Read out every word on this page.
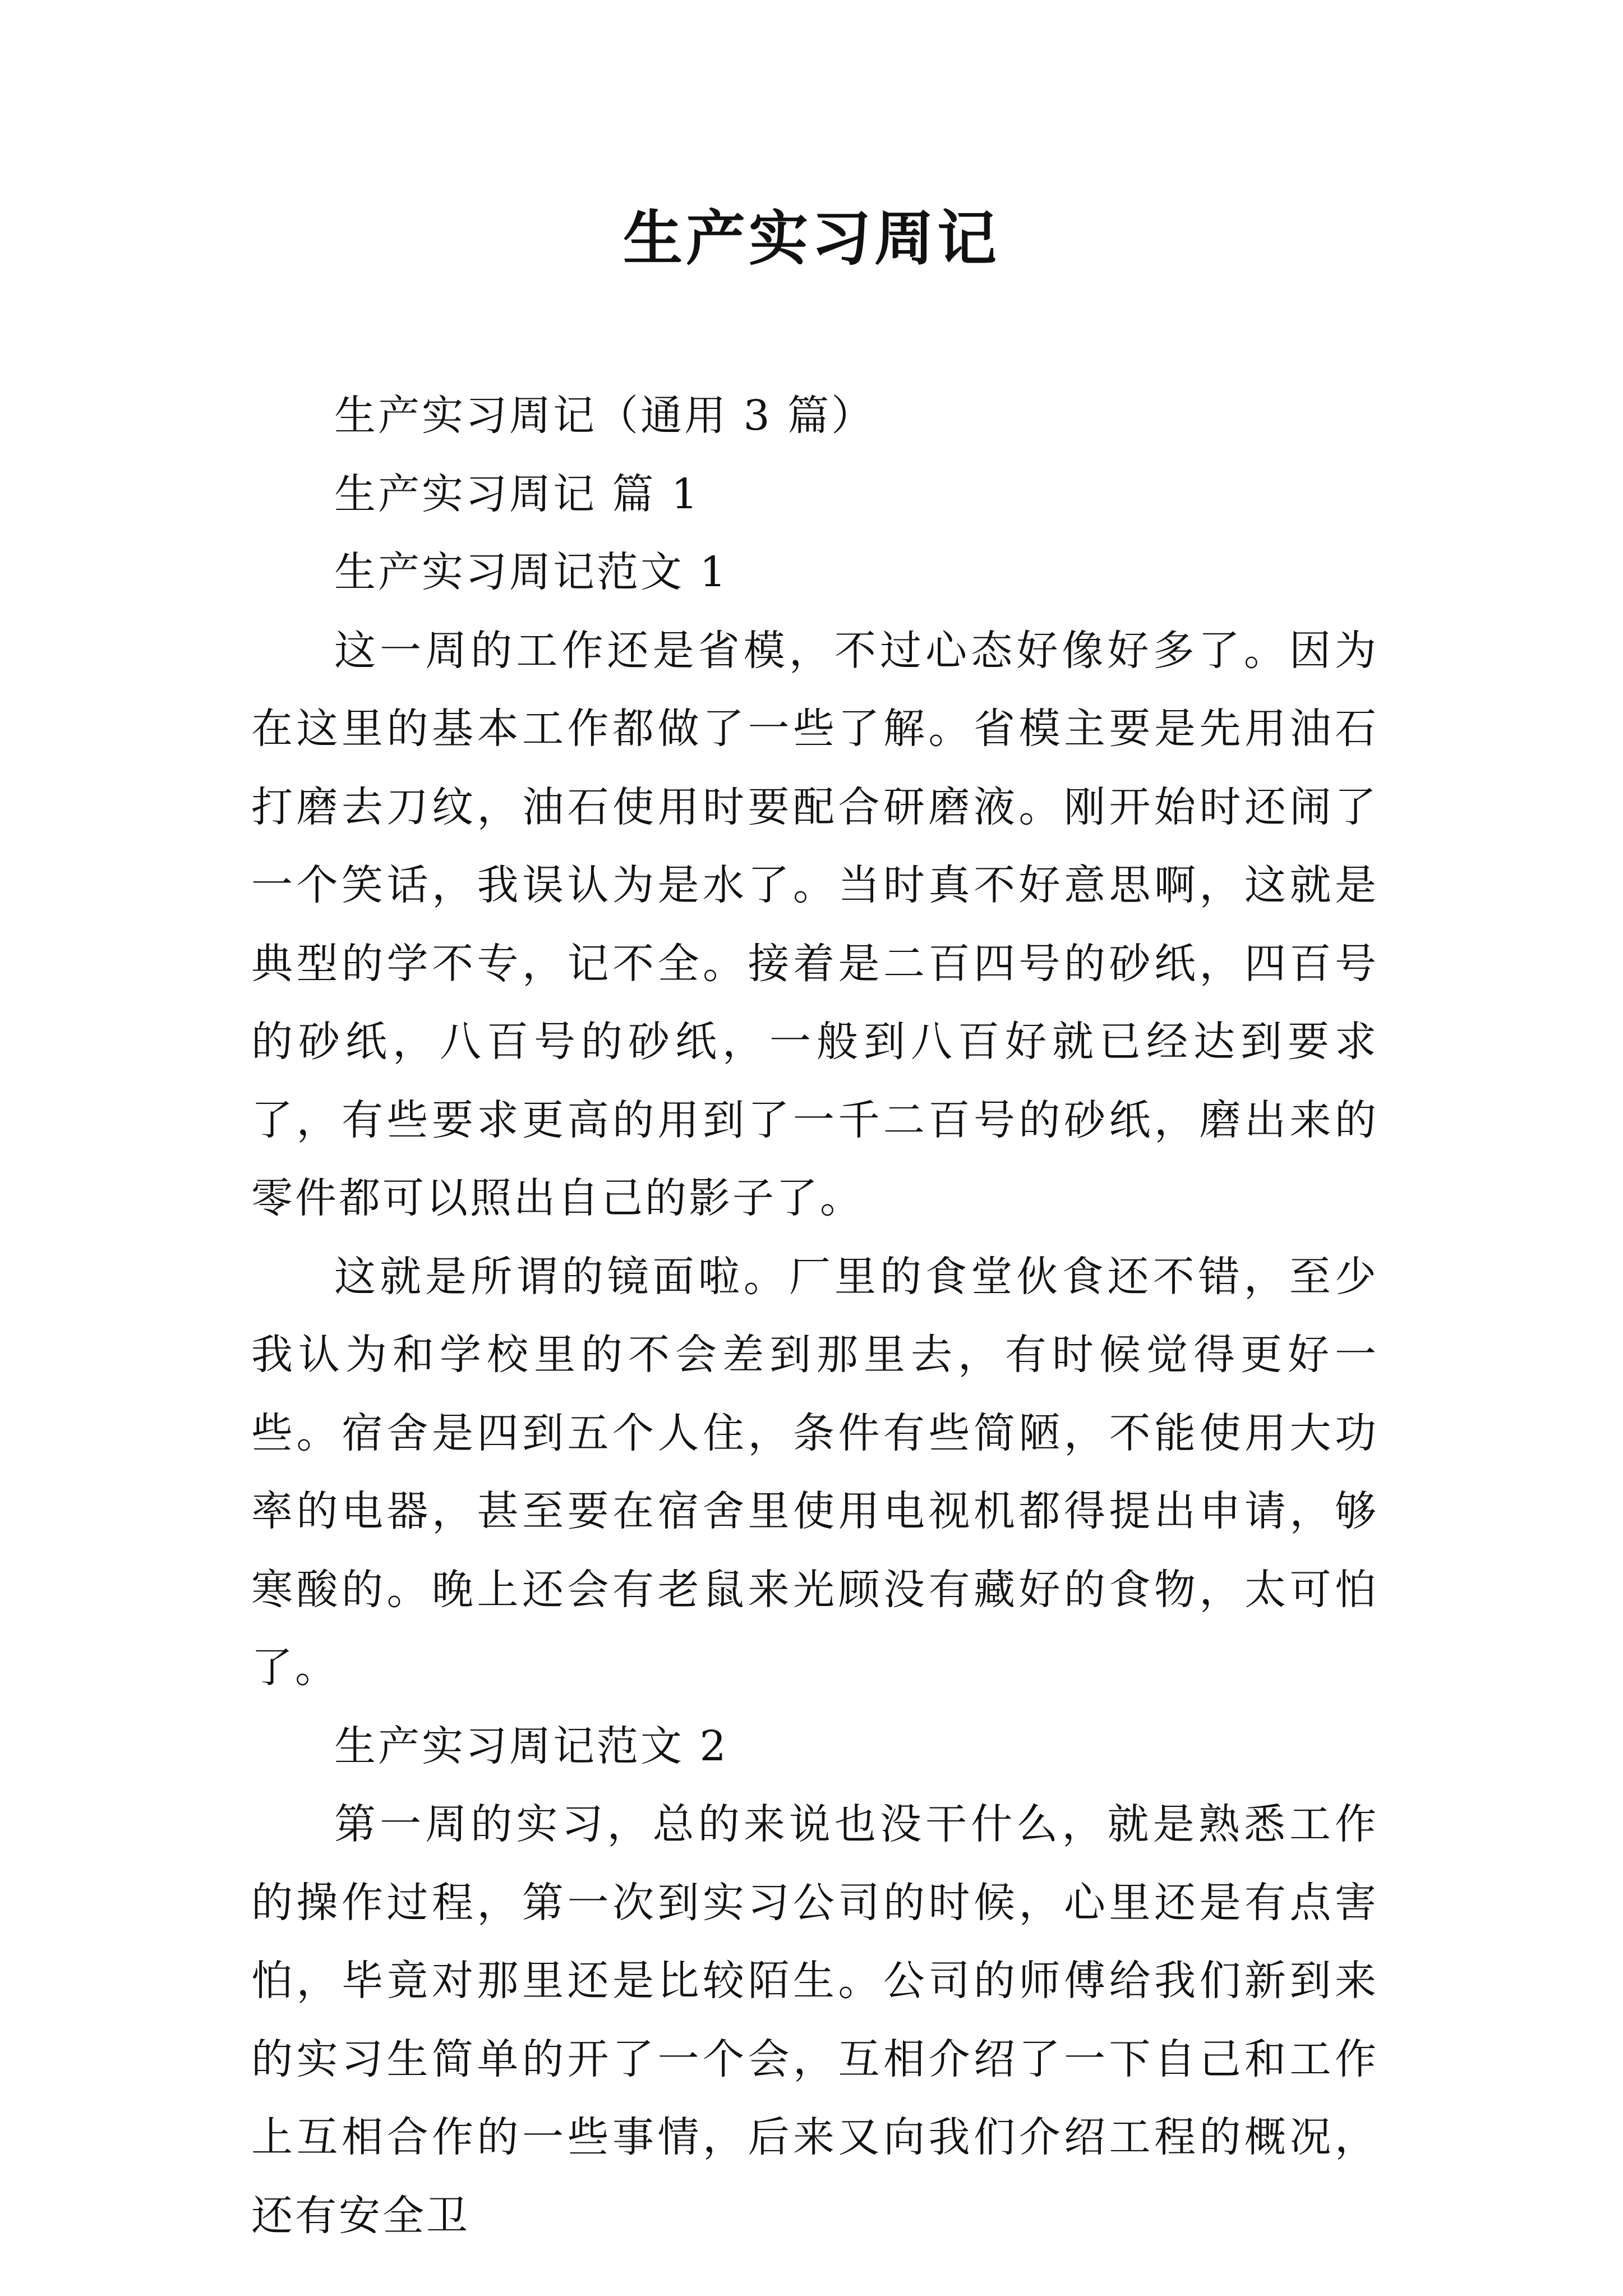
生产实习周记

生产实习周记（通用 3 篇）

生产实习周记 篇 1

生产实习周记范文 1

这一周的工作还是省模，不过心态好像好多了。因为在这里的基本工作都做了一些了解。省模主要是先用油石打磨去刀纹，油石使用时要配合研磨液。刚开始时还闹了一个笑话，我误认为是水了。当时真不好意思啊，这就是典型的学不专，记不全。接着是二百四号的砂纸，四百号的砂纸，八百号的砂纸，一般到八百好就已经达到要求了，有些要求更高的用到了一千二百号的砂纸，磨出来的零件都可以照出自己的影子了。

这就是所谓的镜面啦。厂里的食堂伙食还不错，至少我认为和学校里的不会差到那里去，有时候觉得更好一些。宿舍是四到五个人住，条件有些简陋，不能使用大功率的电器，甚至要在宿舍里使用电视机都得提出申请，够寒酸的。晚上还会有老鼠来光顾没有藏好的食物，太可怕了。

生产实习周记范文 2

第一周的实习，总的来说也没干什么，就是熟悉工作的操作过程，第一次到实习公司的时候，心里还是有点害怕，毕竟对那里还是比较陌生。公司的师傅给我们新到来的实习生简单的开了一个会，互相介绍了一下自己和工作上互相合作的一些事情，后来又向我们介绍工程的概况，还有安全卫
